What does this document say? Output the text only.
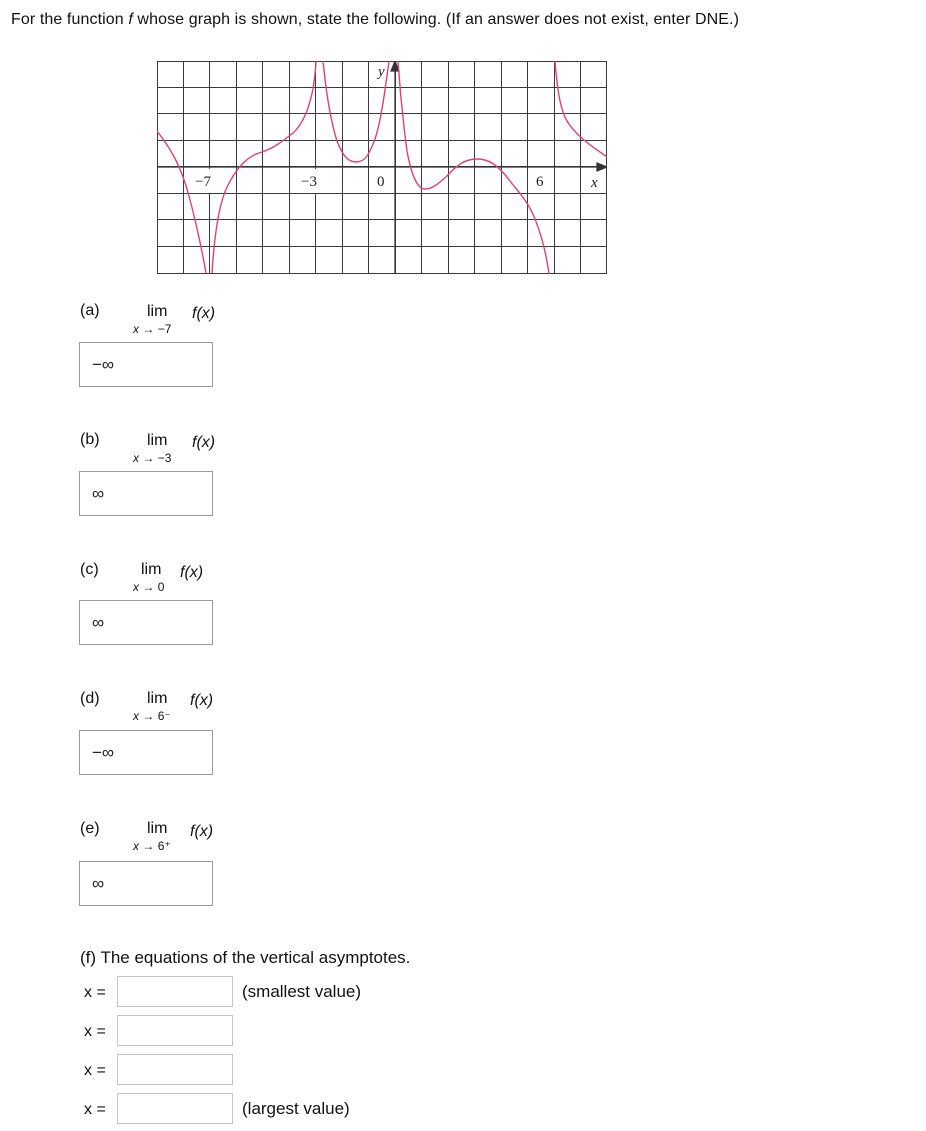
For the function f whose graph is shown, state the following. (If an answer does not exist, enter DNE.)
−7	−3	0	6	x
y
(a)	lim f(x)
x → −7
−∞
(b)	lim f(x)
x → −3
∞
(c)	lim f(x)
x → 0
∞
(d)	lim f(x)
x → 6⁻
−∞
(e)	lim f(x)
x → 6⁺
∞
(f) The equations of the vertical asymptotes.
x =	(smallest value)
x =
x =
x =	(largest value)
